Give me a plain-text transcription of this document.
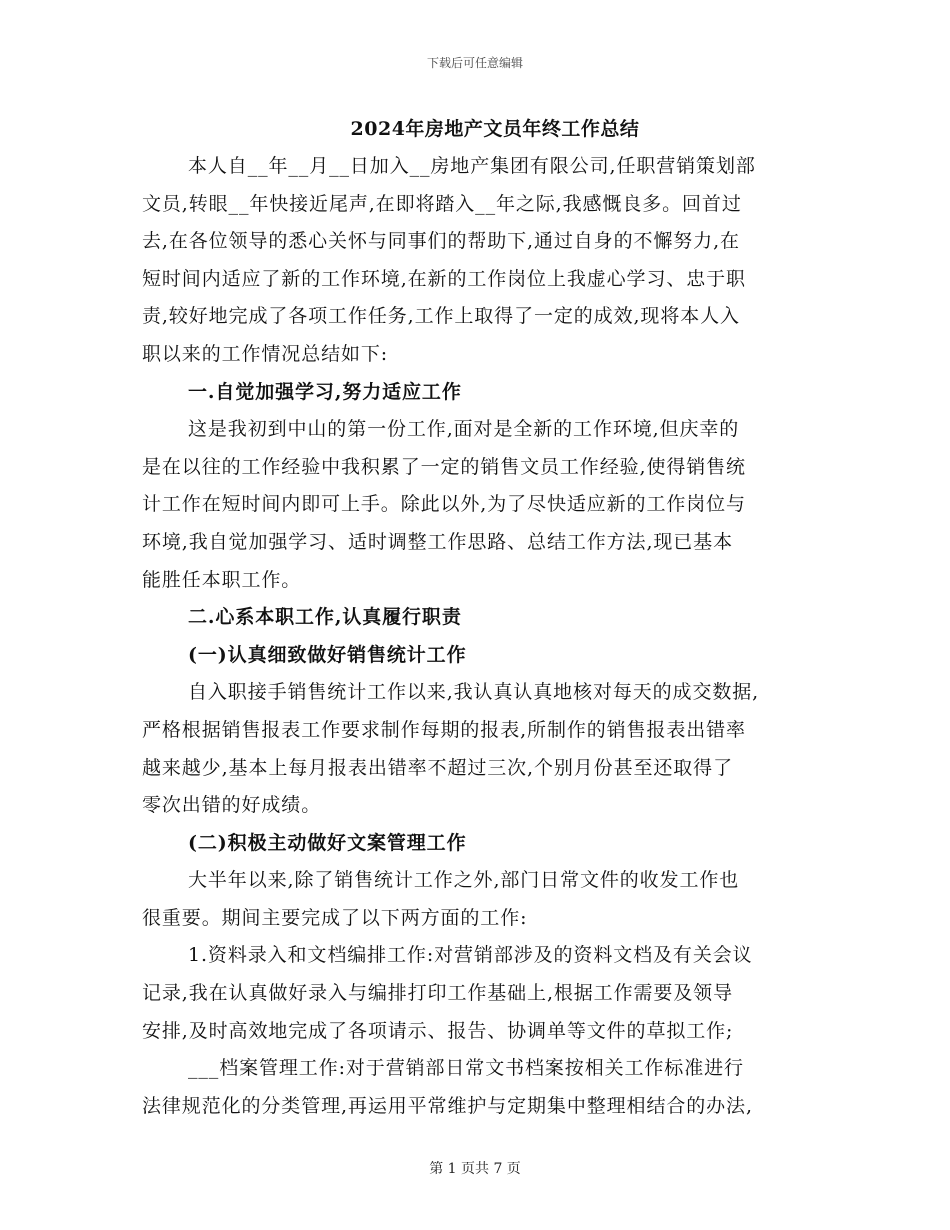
下载后可任意编辑
2024年房地产文员年终工作总结
本人自__年__月__日加入__房地产集团有限公司,任职营销策划部
文员,转眼__年快接近尾声,在即将踏入__年之际,我感慨良多。回首过
去,在各位领导的悉心关怀与同事们的帮助下,通过自身的不懈努力,在
短时间内适应了新的工作环境,在新的工作岗位上我虚心学习、忠于职
责,较好地完成了各项工作任务,工作上取得了一定的成效,现将本人入
职以来的工作情况总结如下:
一.自觉加强学习,努力适应工作
这是我初到中山的第一份工作,面对是全新的工作环境,但庆幸的
是在以往的工作经验中我积累了一定的销售文员工作经验,使得销售统
计工作在短时间内即可上手。除此以外,为了尽快适应新的工作岗位与
环境,我自觉加强学习、适时调整工作思路、总结工作方法,现已基本
能胜任本职工作。
二.心系本职工作,认真履行职责
(一)认真细致做好销售统计工作
自入职接手销售统计工作以来,我认真认真地核对每天的成交数据,
严格根据销售报表工作要求制作每期的报表,所制作的销售报表出错率
越来越少,基本上每月报表出错率不超过三次,个别月份甚至还取得了
零次出错的好成绩。
(二)积极主动做好文案管理工作
大半年以来,除了销售统计工作之外,部门日常文件的收发工作也
很重要。期间主要完成了以下两方面的工作:
1.资料录入和文档编排工作:对营销部涉及的资料文档及有关会议
记录,我在认真做好录入与编排打印工作基础上,根据工作需要及领导
安排,及时高效地完成了各项请示、报告、协调单等文件的草拟工作;
___档案管理工作:对于营销部日常文书档案按相关工作标准进行
法律规范化的分类管理,再运用平常维护与定期集中整理相结合的办法,
第 1 页共 7 页
